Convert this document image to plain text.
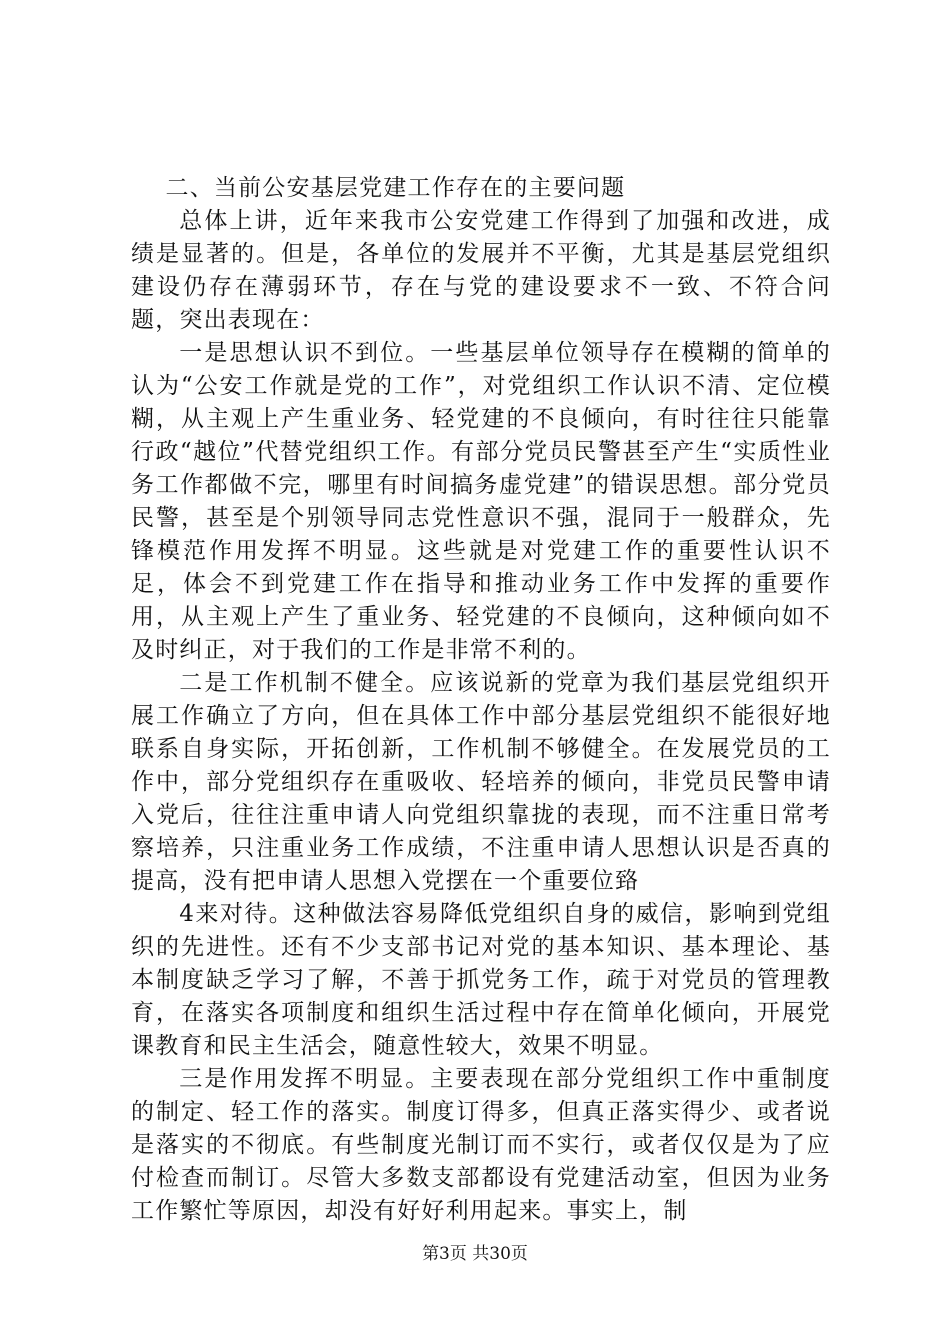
二、当前公安基层党建工作存在的主要问题

总体上讲，近年来我市公安党建工作得到了加强和改进，成绩是显著的。但是，各单位的发展并不平衡，尤其是基层党组织建设仍存在薄弱环节，存在与党的建设要求不一致、不符合问题，突出表现在：

一是思想认识不到位。一些基层单位领导存在模糊的简单的认为“公安工作就是党的工作”，对党组织工作认识不清、定位模糊，从主观上产生重业务、轻党建的不良倾向，有时往往只能靠行政“越位”代替党组织工作。有部分党员民警甚至产生“实质性业务工作都做不完，哪里有时间搞务虚党建”的错误思想。部分党员民警，甚至是个别领导同志党性意识不强，混同于一般群众，先锋模范作用发挥不明显。这些就是对党建工作的重要性认识不足，体会不到党建工作在指导和推动业务工作中发挥的重要作用，从主观上产生了重业务、轻党建的不良倾向，这种倾向如不及时纠正，对于我们的工作是非常不利的。

二是工作机制不健全。应该说新的党章为我们基层党组织开展工作确立了方向，但在具体工作中部分基层党组织不能很好地联系自身实际，开拓创新，工作机制不够健全。在发展党员的工作中，部分党组织存在重吸收、轻培养的倾向，非党员民警申请入党后，往往注重申请人向党组织靠拢的表现，而不注重日常考察培养，只注重业务工作成绩，不注重申请人思想认识是否真的提高，没有把申请人思想入党摆在一个重要位臵

4来对待。这种做法容易降低党组织自身的威信，影响到党组织的先进性。还有不少支部书记对党的基本知识、基本理论、基本制度缺乏学习了解，不善于抓党务工作，疏于对党员的管理教育，在落实各项制度和组织生活过程中存在简单化倾向，开展党课教育和民主生活会，随意性较大，效果不明显。

三是作用发挥不明显。主要表现在部分党组织工作中重制度的制定、轻工作的落实。制度订得多，但真正落实得少、或者说是落实的不彻底。有些制度光制订而不实行，或者仅仅是为了应付检查而制订。尽管大多数支部都设有党建活动室，但因为业务工作繁忙等原因，却没有好好利用起来。事实上，制

第3页 共30页
